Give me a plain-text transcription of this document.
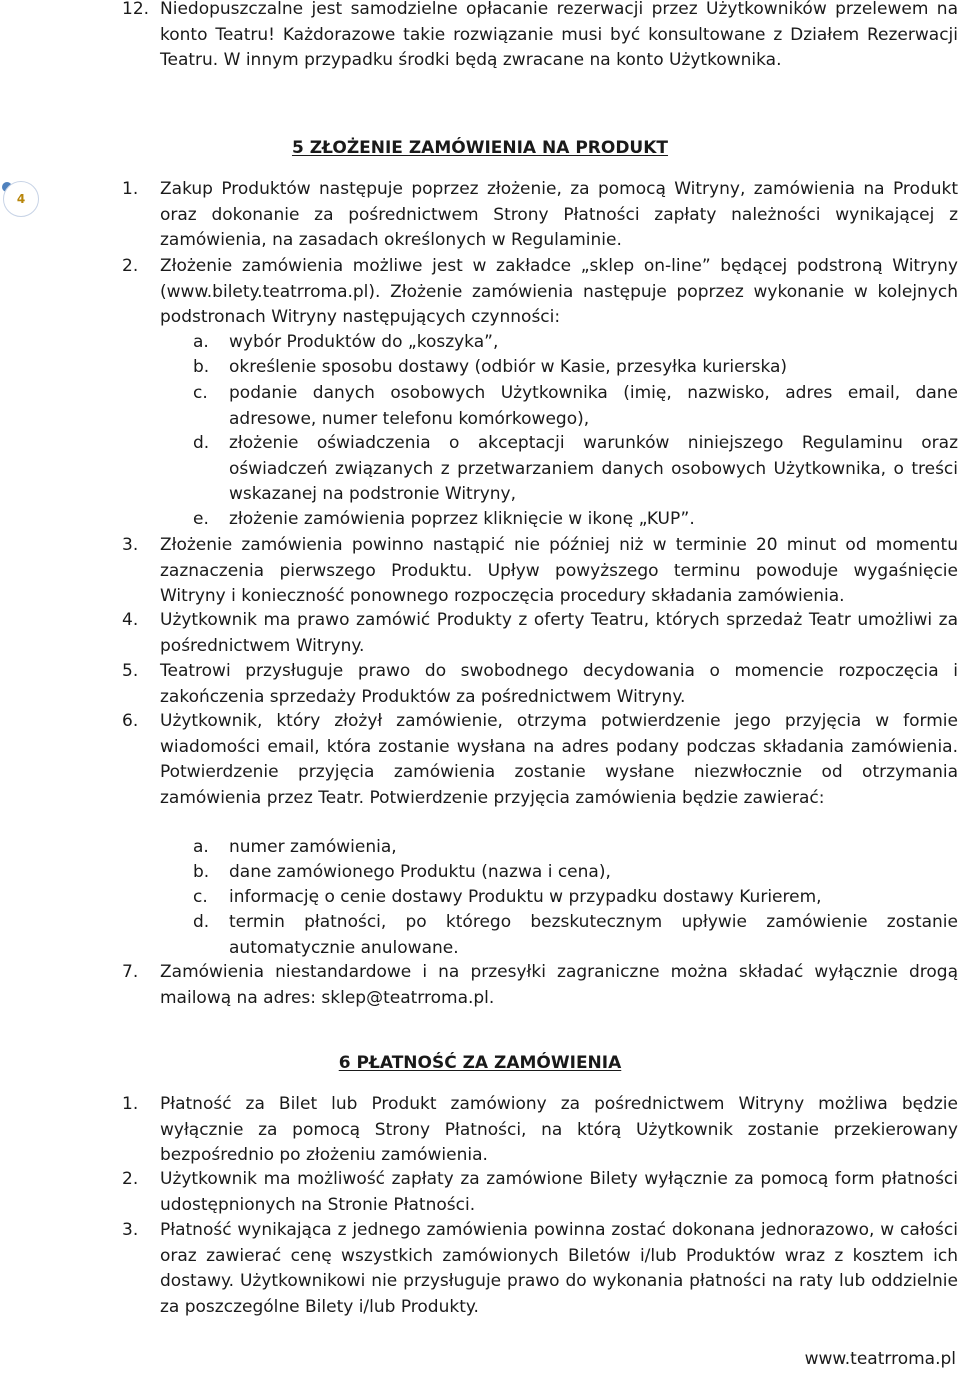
4
12. Niedopuszczalne jest samodzielne opłacanie rezerwacji przez Użytkowników przelewem na konto Teatru! Każdorazowe takie rozwiązanie musi być konsultowane z Działem Rezerwacji Teatru. W innym przypadku środki będą zwracane na konto Użytkownika.
5 ZŁOŻENIE ZAMÓWIENIA NA PRODUKT
1. Zakup Produktów następuje poprzez złożenie, za pomocą Witryny, zamówienia na Produkt oraz dokonanie za pośrednictwem Strony Płatności zapłaty należności wynikającej z zamówienia, na zasadach określonych w Regulaminie.
2. Złożenie zamówienia możliwe jest w zakładce „sklep on-line” będącej podstroną Witryny (www.bilety.teatrroma.pl). Złożenie zamówienia następuje poprzez wykonanie w kolejnych podstronach Witryny następujących czynności:
a. wybór Produktów do „koszyka”,
b. określenie sposobu dostawy (odbiór w Kasie, przesyłka kurierska)
c. podanie danych osobowych Użytkownika (imię, nazwisko, adres email, dane adresowe, numer telefonu komórkowego),
d. złożenie oświadczenia o akceptacji warunków niniejszego Regulaminu oraz oświadczeń związanych z przetwarzaniem danych osobowych Użytkownika, o treści wskazanej na podstronie Witryny,
e. złożenie zamówienia poprzez kliknięcie w ikonę „KUP”.
3. Złożenie zamówienia powinno nastąpić nie później niż w terminie 20 minut od momentu zaznaczenia pierwszego Produktu. Upływ powyższego terminu powoduje wygaśnięcie Witryny i konieczność ponownego rozpoczęcia procedury składania zamówienia.
4. Użytkownik ma prawo zamówić Produkty z oferty Teatru, których sprzedaż Teatr umożliwi za pośrednictwem Witryny.
5. Teatrowi przysługuje prawo do swobodnego decydowania o momencie rozpoczęcia i zakończenia sprzedaży Produktów za pośrednictwem Witryny.
6. Użytkownik, który złożył zamówienie, otrzyma potwierdzenie jego przyjęcia w formie wiadomości email, która zostanie wysłana na adres podany podczas składania zamówienia. Potwierdzenie przyjęcia zamówienia zostanie wysłane niezwłocznie od otrzymania zamówienia przez Teatr. Potwierdzenie przyjęcia zamówienia będzie zawierać:
a. numer zamówienia,
b. dane zamówionego Produktu (nazwa i cena),
c. informację o cenie dostawy Produktu w przypadku dostawy Kurierem,
d. termin płatności, po którego bezskutecznym upływie zamówienie zostanie automatycznie anulowane.
7. Zamówienia niestandardowe i na przesyłki zagraniczne można składać wyłącznie drogą mailową na adres: sklep@teatrroma.pl.
6 PŁATNOŚĆ ZA ZAMÓWIENIA
1. Płatność za Bilet lub Produkt zamówiony za pośrednictwem Witryny możliwa będzie wyłącznie za pomocą Strony Płatności, na którą Użytkownik zostanie przekierowany bezpośrednio po złożeniu zamówienia.
2. Użytkownik ma możliwość zapłaty za zamówione Bilety wyłącznie za pomocą form płatności udostępnionych na Stronie Płatności.
3. Płatność wynikająca z jednego zamówienia powinna zostać dokonana jednorazowo, w całości oraz zawierać cenę wszystkich zamówionych Biletów i/lub Produktów wraz z kosztem ich dostawy. Użytkownikowi nie przysługuje prawo do wykonania płatności na raty lub oddzielnie za poszczególne Bilety i/lub Produkty.
www.teatrroma.pl
